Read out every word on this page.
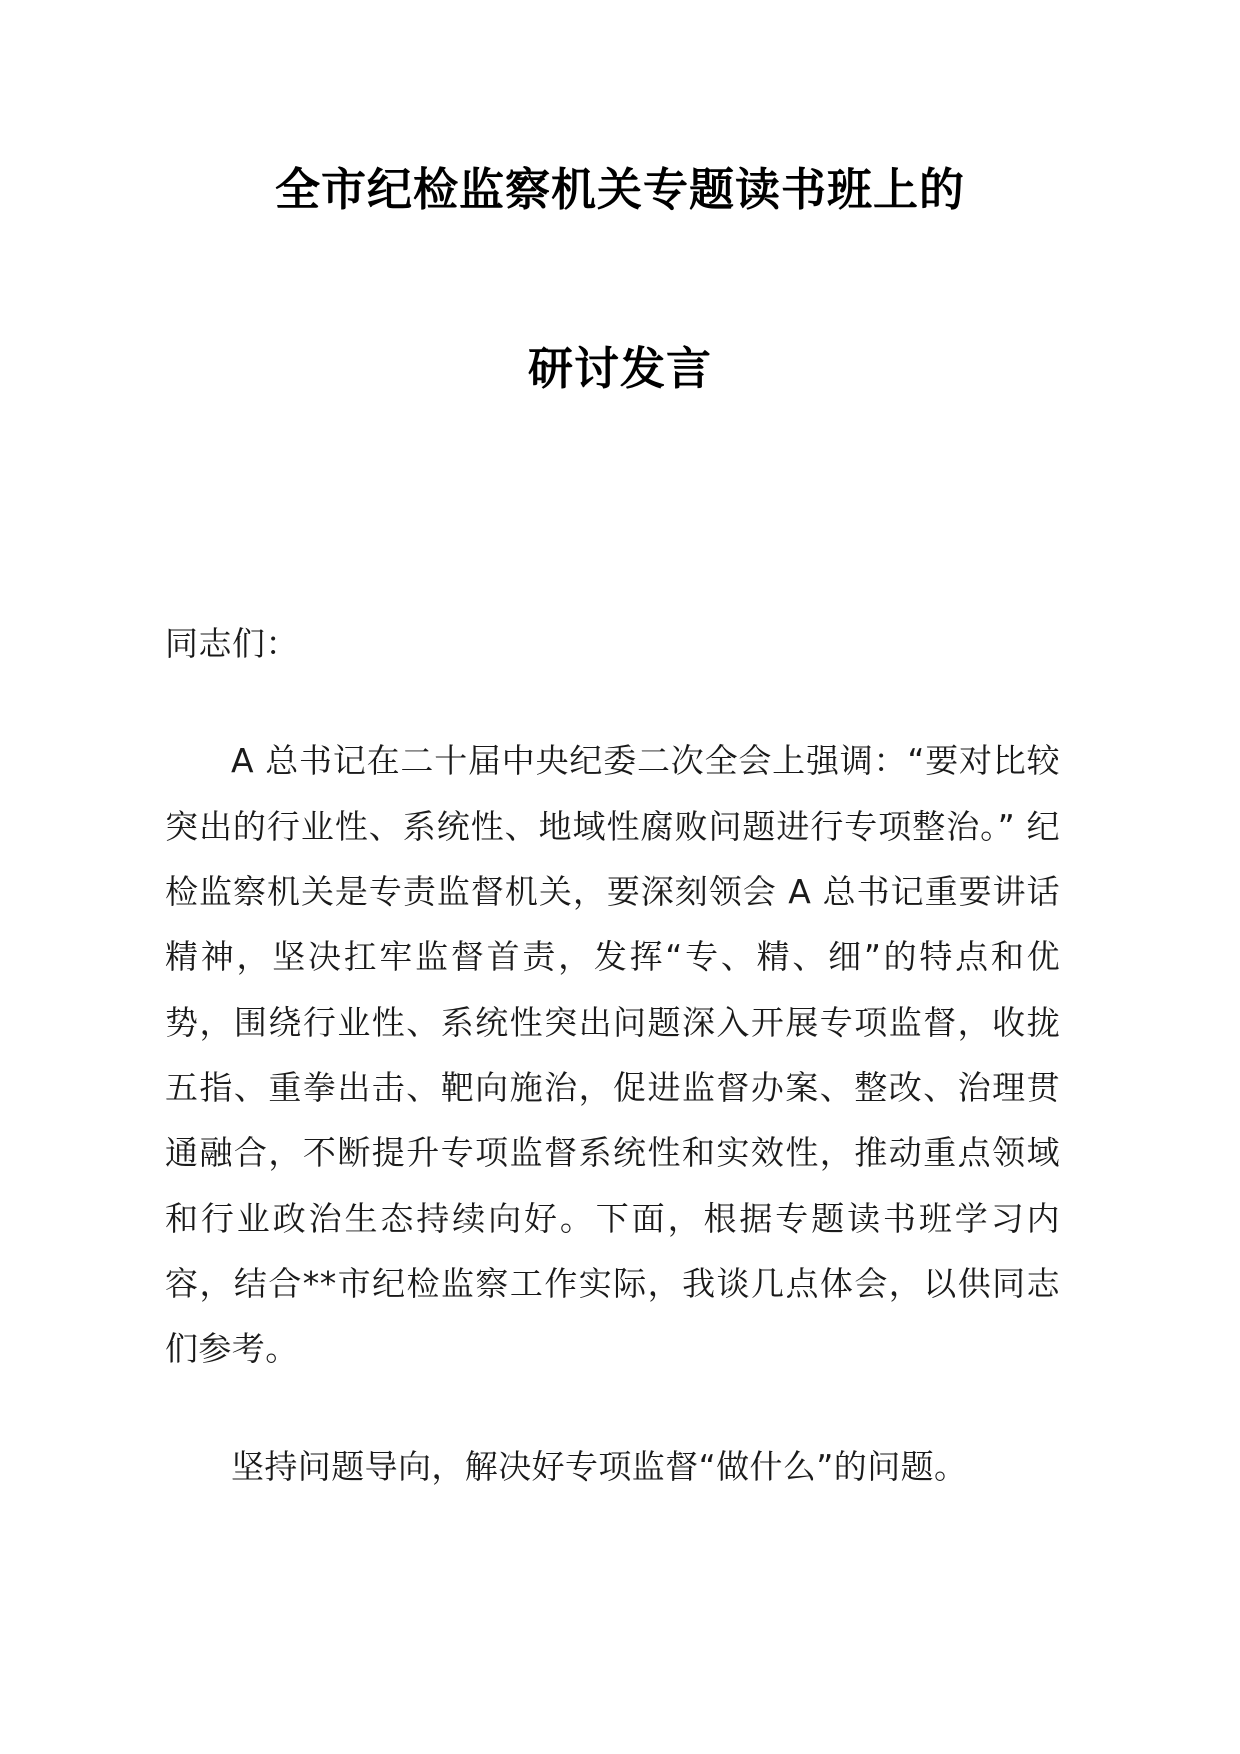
全市纪检监察机关专题读书班上的
研讨发言

同志们：

A 总书记在二十届中央纪委二次全会上强调：“要对比较突出的行业性、系统性、地域性腐败问题进行专项整治。” 纪检监察机关是专责监督机关，要深刻领会 A 总书记重要讲话精神，坚决扛牢监督首责，发挥“专、精、细”的特点和优势，围绕行业性、系统性突出问题深入开展专项监督，收拢五指、重拳出击、靶向施治，促进监督办案、整改、治理贯通融合，不断提升专项监督系统性和实效性，推动重点领域和行业政治生态持续向好。下面，根据专题读书班学习内容，结合**市纪检监察工作实际，我谈几点体会，以供同志们参考。

坚持问题导向，解决好专项监督“做什么”的问题。
